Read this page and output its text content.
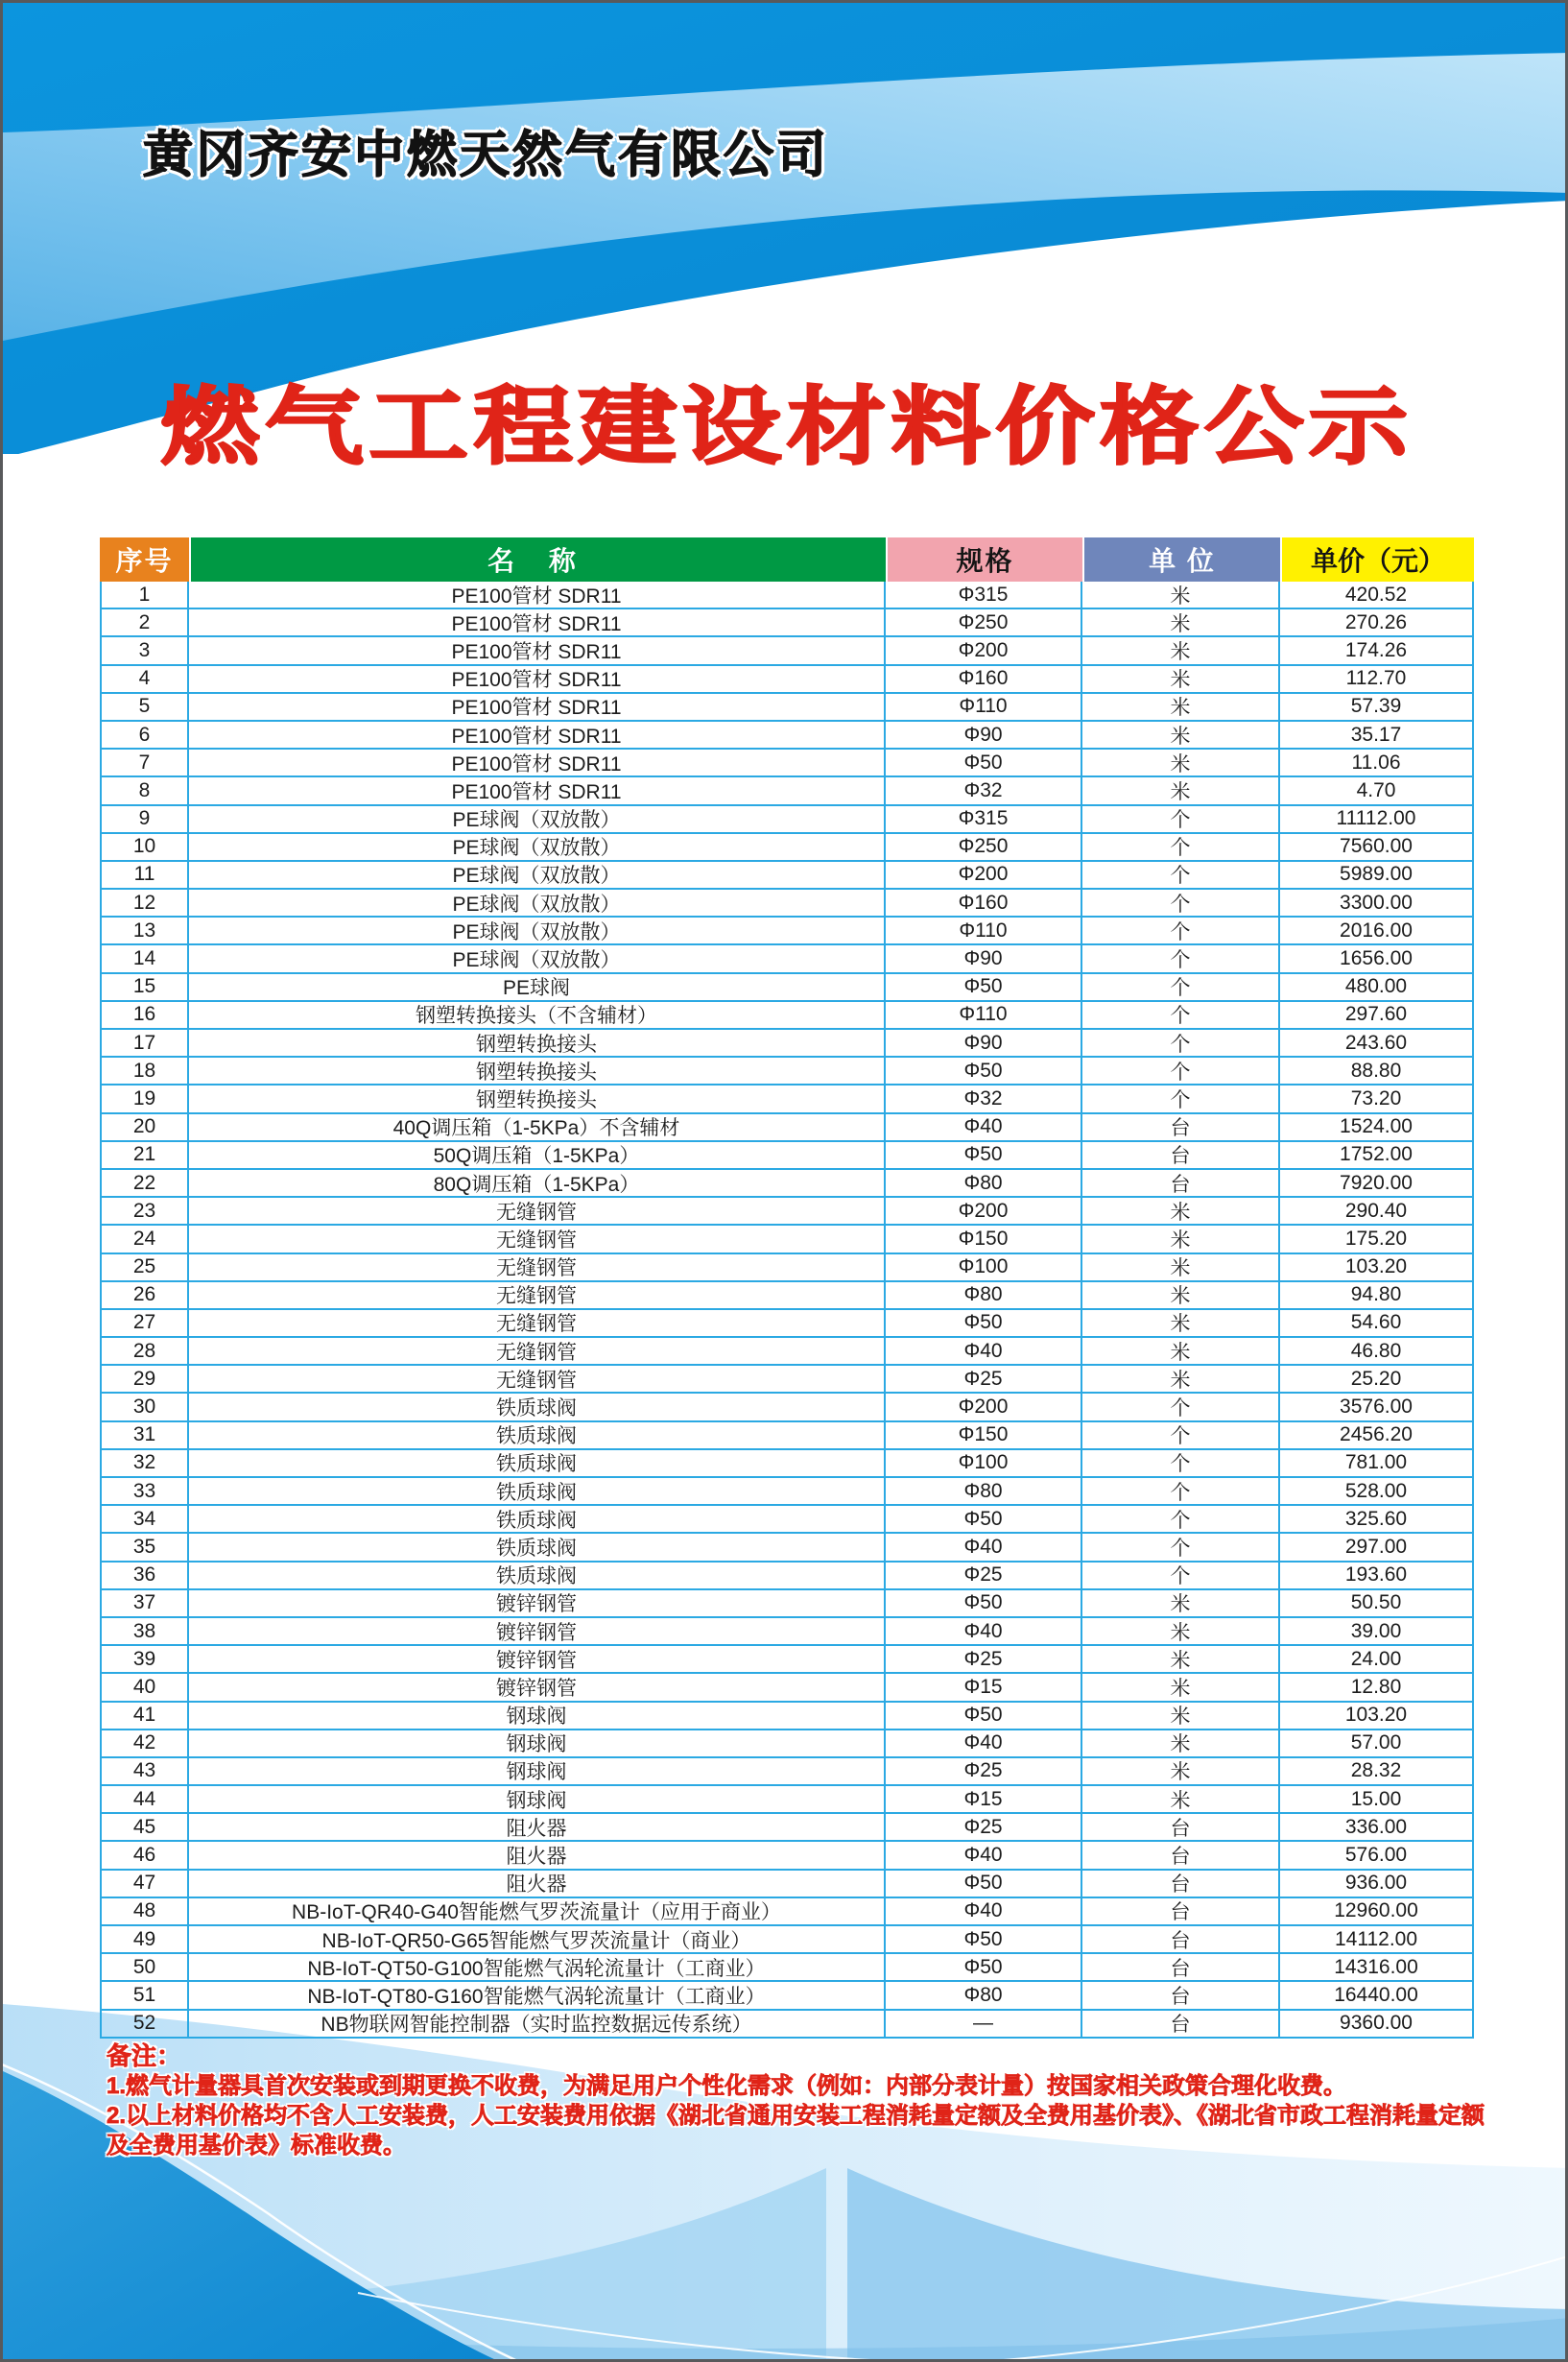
黄冈齐安中燃天然气有限公司
燃气工程建设材料价格公示
序号	名 称	规格	单 位	单价（元）
1	PE100管材 SDR11	Φ315	米	420.52
2	PE100管材 SDR11	Φ250	米	270.26
3	PE100管材 SDR11	Φ200	米	174.26
4	PE100管材 SDR11	Φ160	米	112.70
5	PE100管材 SDR11	Φ110	米	57.39
6	PE100管材 SDR11	Φ90	米	35.17
7	PE100管材 SDR11	Φ50	米	11.06
8	PE100管材 SDR11	Φ32	米	4.70
9	PE球阀（双放散）	Φ315	个	11112.00
10	PE球阀（双放散）	Φ250	个	7560.00
11	PE球阀（双放散）	Φ200	个	5989.00
12	PE球阀（双放散）	Φ160	个	3300.00
13	PE球阀（双放散）	Φ110	个	2016.00
14	PE球阀（双放散）	Φ90	个	1656.00
15	PE球阀	Φ50	个	480.00
16	钢塑转换接头（不含辅材）	Φ110	个	297.60
17	钢塑转换接头	Φ90	个	243.60
18	钢塑转换接头	Φ50	个	88.80
19	钢塑转换接头	Φ32	个	73.20
20	40Q调压箱（1-5KPa）不含辅材	Φ40	台	1524.00
21	50Q调压箱（1-5KPa）	Φ50	台	1752.00
22	80Q调压箱（1-5KPa）	Φ80	台	7920.00
23	无缝钢管	Φ200	米	290.40
24	无缝钢管	Φ150	米	175.20
25	无缝钢管	Φ100	米	103.20
26	无缝钢管	Φ80	米	94.80
27	无缝钢管	Φ50	米	54.60
28	无缝钢管	Φ40	米	46.80
29	无缝钢管	Φ25	米	25.20
30	铁质球阀	Φ200	个	3576.00
31	铁质球阀	Φ150	个	2456.20
32	铁质球阀	Φ100	个	781.00
33	铁质球阀	Φ80	个	528.00
34	铁质球阀	Φ50	个	325.60
35	铁质球阀	Φ40	个	297.00
36	铁质球阀	Φ25	个	193.60
37	镀锌钢管	Φ50	米	50.50
38	镀锌钢管	Φ40	米	39.00
39	镀锌钢管	Φ25	米	24.00
40	镀锌钢管	Φ15	米	12.80
41	钢球阀	Φ50	米	103.20
42	钢球阀	Φ40	米	57.00
43	钢球阀	Φ25	米	28.32
44	钢球阀	Φ15	米	15.00
45	阻火器	Φ25	台	336.00
46	阻火器	Φ40	台	576.00
47	阻火器	Φ50	台	936.00
48	NB-IoT-QR40-G40智能燃气罗茨流量计（应用于商业）	Φ40	台	12960.00
49	NB-IoT-QR50-G65智能燃气罗茨流量计（商业）	Φ50	台	14112.00
50	NB-IoT-QT50-G100智能燃气涡轮流量计（工商业）	Φ50	台	14316.00
51	NB-IoT-QT80-G160智能燃气涡轮流量计（工商业）	Φ80	台	16440.00
52	NB物联网智能控制器（实时监控数据远传系统）	—	台	9360.00

备注：

1.燃气计量器具首次安装或到期更换不收费，为满足用户个性化需求（例如：内部分表计量）按国家相关政策合理化收费。

2.以上材料价格均不含人工安装费，人工安装费用依据《湖北省通用安装工程消耗量定额及全费用基价表》、《湖北省市政工程消耗量定额及全费用基价表》标准收费。
